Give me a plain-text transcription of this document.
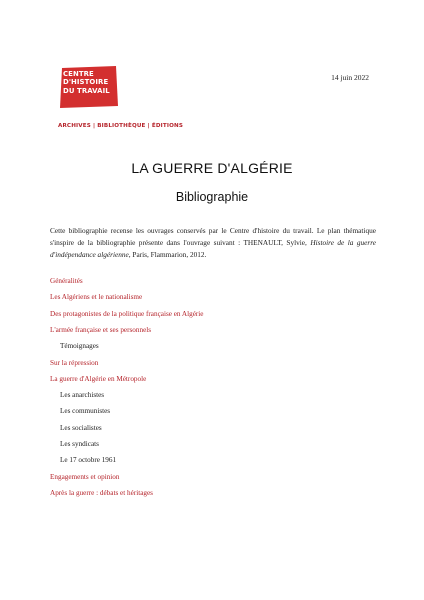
CENTRE
D'HISTOIRE
DU TRAVAIL
14 juin 2022
ARCHIVES | BIBLIOTHÈQUE | ÉDITIONS
LA GUERRE D'ALGÉRIE
Bibliographie
Cette bibliographie recense les ouvrages conservés par le Centre d'histoire du travail. Le plan thématique s'inspire de la bibliographie présente dans l'ouvrage suivant : THENAULT, Sylvie, Histoire de la guerre d'indépendance algérienne, Paris, Flammarion, 2012.
Généralités
Les Algériens et le nationalisme
Des protagonistes de la politique française en Algérie
L'armée française et ses personnels
Témoignages
Sur la répression
La guerre d'Algérie en Métropole
Les anarchistes
Les communistes
Les socialistes
Les syndicats
Le 17 octobre 1961
Engagements et opinion
Après la guerre : débats et héritages
